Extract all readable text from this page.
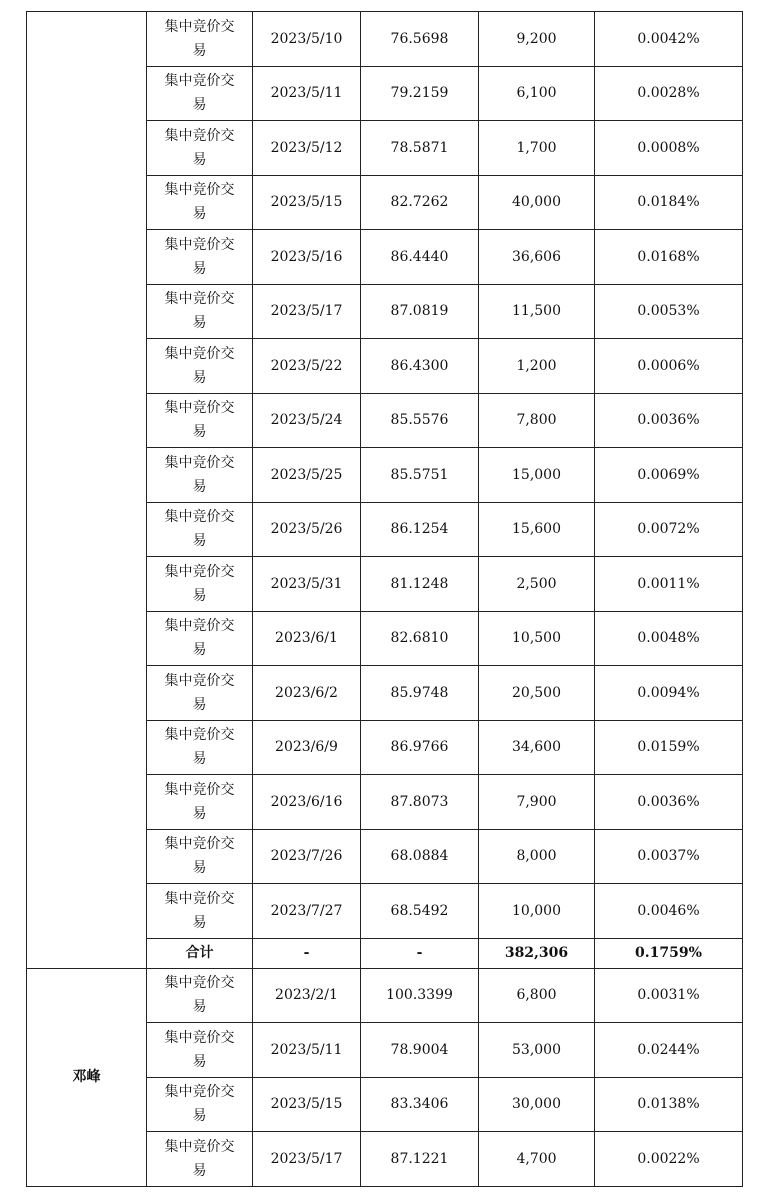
	集中竞价交
易	2023/5/10	76.5698	9,200	0.0042%

	集中竞价交
易	2023/5/11	79.2159	6,100	0.0028%

	集中竞价交
易	2023/5/12	78.5871	1,700	0.0008%

	集中竞价交
易	2023/5/15	82.7262	40,000	0.0184%

	集中竞价交
易	2023/5/16	86.4440	36,606	0.0168%

	集中竞价交
易	2023/5/17	87.0819	11,500	0.0053%

	集中竞价交
易	2023/5/22	86.4300	1,200	0.0006%

	集中竞价交
易	2023/5/24	85.5576	7,800	0.0036%

	集中竞价交
易	2023/5/25	85.5751	15,000	0.0069%

	集中竞价交
易	2023/5/26	86.1254	15,600	0.0072%

	集中竞价交
易	2023/5/31	81.1248	2,500	0.0011%

	集中竞价交
易	2023/6/1	82.6810	10,500	0.0048%

	集中竞价交
易	2023/6/2	85.9748	20,500	0.0094%

	集中竞价交
易	2023/6/9	86.9766	34,600	0.0159%

	集中竞价交
易	2023/6/16	87.8073	7,900	0.0036%

	集中竞价交
易	2023/7/26	68.0884	8,000	0.0037%

	集中竞价交
易	2023/7/27	68.5492	10,000	0.0046%
	合计	-	-	382,306	0.1759%
邓峰	集中竞价交
易	2023/2/1	100.3399	6,800	0.0031%

	集中竞价交
易	2023/5/11	78.9004	53,000	0.0244%

	集中竞价交
易	2023/5/15	83.3406	30,000	0.0138%

	集中竞价交
易	2023/5/17	87.1221	4,700	0.0022%
